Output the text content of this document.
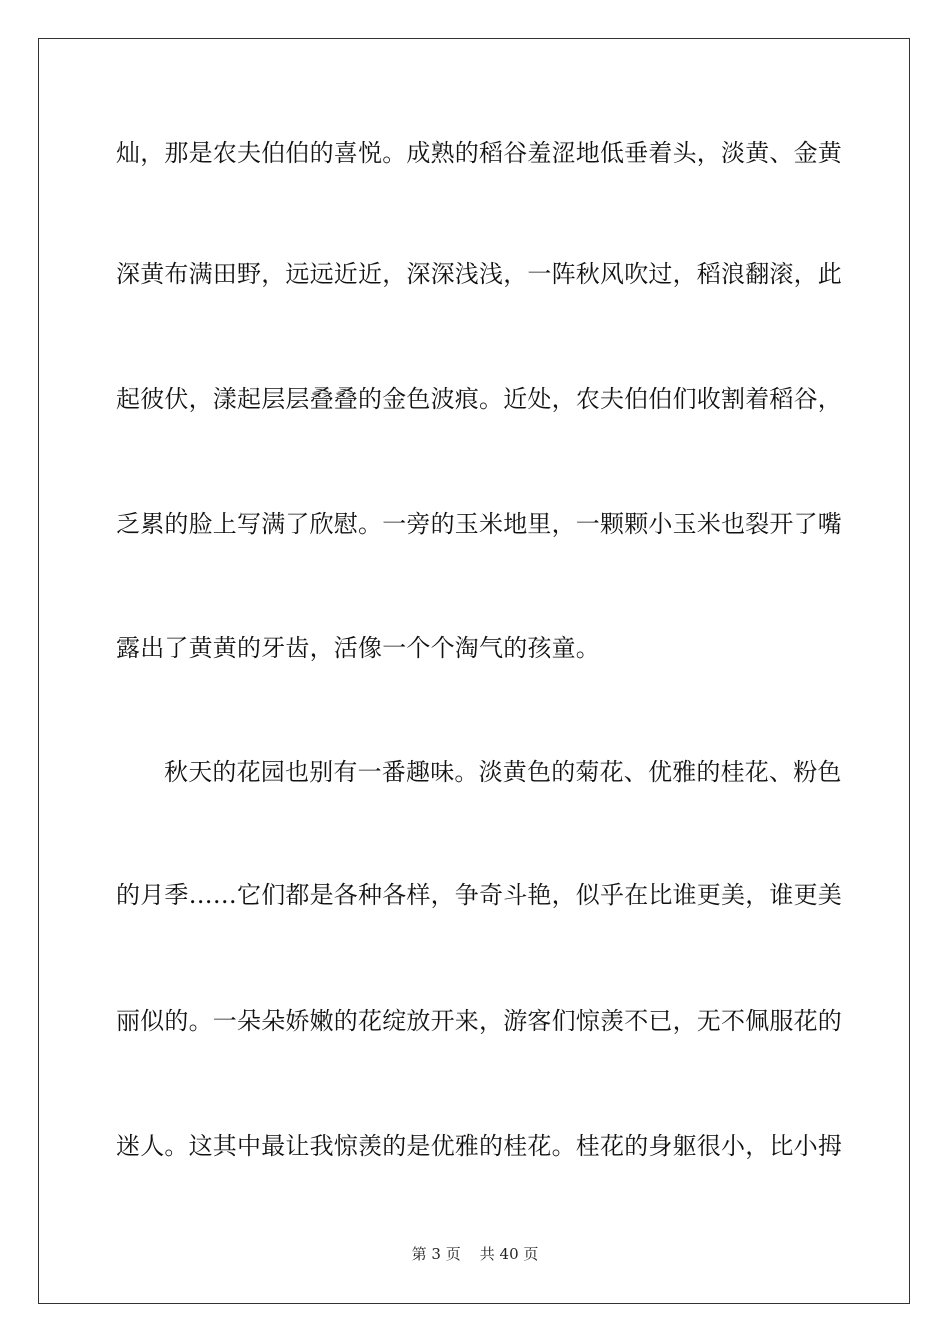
灿，那是农夫伯伯的喜悦。成熟的稻谷羞涩地低垂着头，淡黄、金黄
深黄布满田野，远远近近，深深浅浅，一阵秋风吹过，稻浪翻滚，此
起彼伏，漾起层层叠叠的金色波痕。近处，农夫伯伯们收割着稻谷，
乏累的脸上写满了欣慰。一旁的玉米地里，一颗颗小玉米也裂开了嘴
露出了黄黄的牙齿，活像一个个淘气的孩童。
秋天的花园也别有一番趣味。淡黄色的菊花、优雅的桂花、粉色
的月季……它们都是各种各样，争奇斗艳，似乎在比谁更美，谁更美
丽似的。一朵朵娇嫩的花绽放开来，游客们惊羡不已，无不佩服花的
迷人。这其中最让我惊羡的是优雅的桂花。桂花的身躯很小，比小拇
第 3 页    共 40 页
